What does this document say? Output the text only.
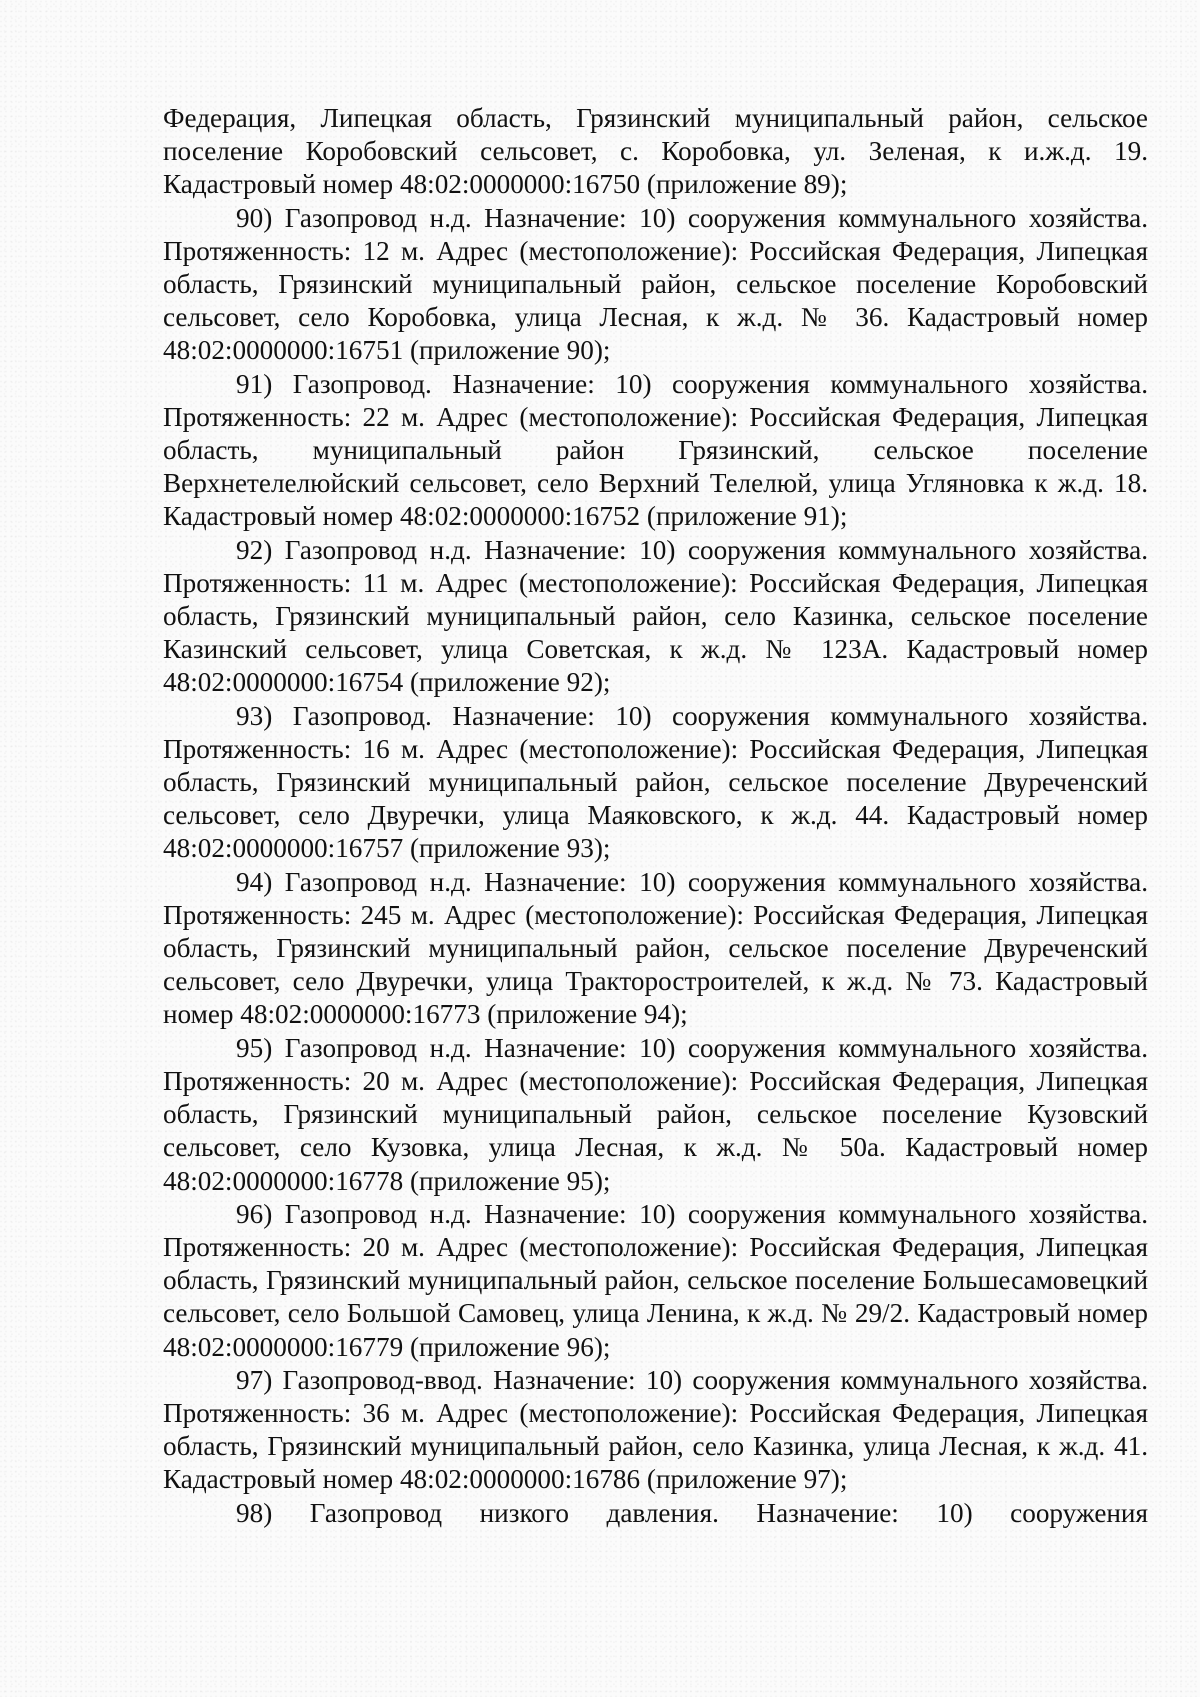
Федерация, Липецкая область, Грязинский муниципальный район, сельское поселение Коробовский сельсовет, с. Коробовка, ул. Зеленая, к и.ж.д. 19. Кадастровый номер 48:02:0000000:16750 (приложение 89);

90) Газопровод н.д. Назначение: 10) сооружения коммунального хозяйства. Протяженность: 12 м. Адрес (местоположение): Российская Федерация, Липецкая область, Грязинский муниципальный район, сельское поселение Коробовский сельсовет, село Коробовка, улица Лесная, к ж.д. № 36. Кадастровый номер 48:02:0000000:16751 (приложение 90);

91) Газопровод. Назначение: 10) сооружения коммунального хозяйства. Протяженность: 22 м. Адрес (местоположение): Российская Федерация, Липецкая область, муниципальный район Грязинский, сельское поселение Верхнетелелюйский сельсовет, село Верхний Телелюй, улица Угляновка к ж.д. 18. Кадастровый номер 48:02:0000000:16752 (приложение 91);

92) Газопровод н.д. Назначение: 10) сооружения коммунального хозяйства. Протяженность: 11 м. Адрес (местоположение): Российская Федерация, Липецкая область, Грязинский муниципальный район, село Казинка, сельское поселение Казинский сельсовет, улица Советская, к ж.д. № 123А. Кадастровый номер 48:02:0000000:16754 (приложение 92);

93) Газопровод. Назначение: 10) сооружения коммунального хозяйства. Протяженность: 16 м. Адрес (местоположение): Российская Федерация, Липецкая область, Грязинский муниципальный район, сельское поселение Двуреченский сельсовет, село Двуречки, улица Маяковского, к ж.д. 44. Кадастровый номер 48:02:0000000:16757 (приложение 93);

94) Газопровод н.д. Назначение: 10) сооружения коммунального хозяйства. Протяженность: 245 м. Адрес (местоположение): Российская Федерация, Липецкая область, Грязинский муниципальный район, сельское поселение Двуреченский сельсовет, село Двуречки, улица Тракторостроителей, к ж.д. № 73. Кадастровый номер 48:02:0000000:16773 (приложение 94);

95) Газопровод н.д. Назначение: 10) сооружения коммунального хозяйства. Протяженность: 20 м. Адрес (местоположение): Российская Федерация, Липецкая область, Грязинский муниципальный район, сельское поселение Кузовский сельсовет, село Кузовка, улица Лесная, к ж.д. № 50а. Кадастровый номер 48:02:0000000:16778 (приложение 95);

96) Газопровод н.д. Назначение: 10) сооружения коммунального хозяйства. Протяженность: 20 м. Адрес (местоположение): Российская Федерация, Липецкая область, Грязинский муниципальный район, сельское поселение Большесамовецкий сельсовет, село Большой Самовец, улица Ленина, к ж.д. № 29/2. Кадастровый номер 48:02:0000000:16779 (приложение 96);

97) Газопровод-ввод. Назначение: 10) сооружения коммунального хозяйства. Протяженность: 36 м. Адрес (местоположение): Российская Федерация, Липецкая область, Грязинский муниципальный район, село Казинка, улица Лесная, к ж.д. 41. Кадастровый номер 48:02:0000000:16786 (приложение 97);

98) Газопровод низкого давления. Назначение: 10) сооружения
